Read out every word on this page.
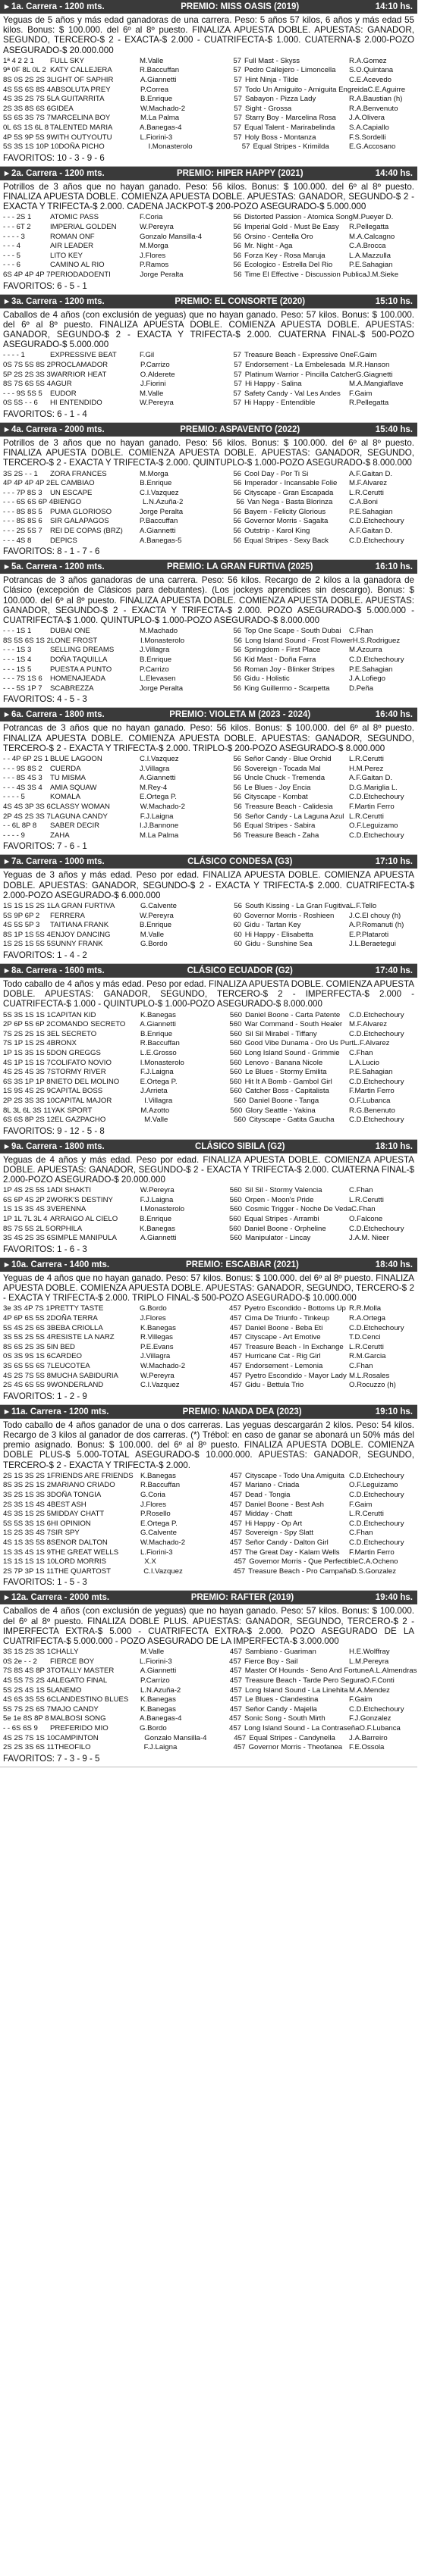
▸ 1a. Carrera - 1200 mts.	PREMIO: MISS OASIS (2019)	14:10 hs.
Yeguas de 5 años y más edad ganadoras de una carrera. Peso: 5 años 57 kilos, 6 años y más edad 55 kilos. Bonus: $ 100.000. del 6º al 8º puesto. FINALIZA APUESTA DOBLE. APUESTAS: GANADOR, SEGUNDO, TERCERO-$ 2 - EXACTA-$ 2.000 - CUATRIFECTA-$ 1.000. CUATERNA-$ 2.000-POZO ASEGURADO-$ 20.000.000
1ª 4 2 2 1	FULL SKY	M.Valle	57 Full Mast - Skyss	R.A.Gomez
9ª 0F 8L 0L 2 KATY CALLEJERA	R.Baccuffan	57 Pedro Callejero - Limoncella	S.O.Quintana
8S 0S 2S 2S 3 LIGHT OF SAPHIR	A.Giannetti	57 Hint Ninja - Tilde	C.E.Acevedo
4S 5S 6S 8S 4 ABSOLUTA PREY	P.Correa	57 Todo Un Amiguito - Amiguita Engreida C.E.Aguirre
4S 3S 2S 7S 5 LA GUITARRITA	B.Enrique	57 Sabayon - Pizza Lady	R.A.Baustian (h)
2S 3S 8S 6S 6 GIDEA	W.Machado-2	57 Sight - Grossa	R.A.Benvenuto
5S 6S 3S 7S 7 MARCELINA BOY	M.La Palma	57 Starry Boy - Marcelina Rosa	J.A.Olivera
0L 6S 1S 6L 8 TALENTED MARIA	A.Banegas-4	57 Equal Talent - Marirabelinda	S.A.Capiallo
4P 5S 9P 5S 9 WITH OUTYOUTU	L.Fiorini-3	57 Holy Boss - Montanza	F.S.Sordelli
5S 3S 1S 10P 10 DOÑA PICHO	I.Monasterolo	57 Equal Stripes - Krimilda	E.G.Accosano
FAVORITOS: 10 - 3 - 9 - 6
▸ 2a. Carrera - 1200 mts.	PREMIO: HIPER HAPPY (2021)	14:40 hs.
Potrillos de 3 años que no hayan ganado. Peso: 56 kilos. Bonus: $ 100.000. del 6º al 8º puesto. FINALIZA APUESTA DOBLE. COMIENZA APUESTA DOBLE. APUESTAS: GANADOR, SEGUNDO-$ 2 - EXACTA Y TRIFECTA-$ 2.000. CADENA JACKPOT-$ 200-POZO ASEGURADO-$ 5.000.000
- - - 2S 1	ATOMIC PASS	F.Coria	56 Distorted Passion - Atomica Song M.Pueyer D.
- - - 6T 2	IMPERIAL GOLDEN	W.Pereyra	56 Imperial Gold - Must Be Easy	R.Pellegatta
- - - - 3	ROMAN ONF	Gonzalo Mansilla-4	56 Orsino - Centella Oro	M.A.Calcagno
- - - 4	AIR LEADER	M.Morga	56 Mr. Night - Aga	C.A.Brocca
- - - 5	LITO KEY	J.Flores	56 Forza Key - Rosa Maruja	L.A.Mazzulla
- - - 6	CAMINO AL RIO	P.Ramos	56 Ecologico - Estrella Del Rio	P.E.Sahagian
6S 4P 4P 4P 7 PERIODADOENTI	Jorge Peralta	56 Time El Effective - Discussion Publica J.M.Sieke
FAVORITOS: 6 - 5 - 1
▸ 3a. Carrera - 1200 mts.	PREMIO: EL CONSORTE (2020)	15:10 hs.
Caballos de 4 años (con exclusión de yeguas) que no hayan ganado. Peso: 57 kilos. Bonus: $ 100.000. del 6º al 8º puesto. FINALIZA APUESTA DOBLE. COMIENZA APUESTA DOBLE. APUESTAS: GANADOR, SEGUNDO-$ 2 - EXACTA Y TRIFECTA-$ 2.000. CUATERNA FINAL-$ 500-POZO ASEGURADO-$ 5.000.000
- - - - 1	EXPRESSIVE BEAT	F.Gil	57 Treasure Beach - Expressive One F.Gaim
0S 7S 5S 8S 2 PROCLAMADOR	P.Carrizo	57 Endorsement - La Embelesada M.R.Hanson
5P 2S 2S 3S 3 WARRIOR HEAT	O.Alderete	57 Platinum Warrior - Pincilla Catcher G.Giagnetti
8S 7S 6S 5S 4 AGUR	J.Fiorini	57 Hi Happy - Salina	M.A.Mangiaflave
- - - 9S 5S 5	EUDOR	M.Valle	57 Safety Candy - Val Les Andes	F.Gaim
0S 5S - - 6	HI ENTENDIDO	W.Pereyra	57 Hi Happy - Entendible	R.Pellegatta
FAVORITOS: 6 - 1 - 4
▸ 4a. Carrera - 2000 mts.	PREMIO: ASPAVENTO (2022)	15:40 hs.
Potrillos de 3 años que no hayan ganado. Peso: 56 kilos. Bonus: $ 100.000. del 6º al 8º puesto. FINALIZA APUESTA DOBLE. COMIENZA APUESTA DOBLE. APUESTAS: GANADOR, SEGUNDO, TERCERO-$ 2 - EXACTA Y TRIFECTA-$ 2.000. QUINTUPLO-$ 1.000-POZO ASEGURADO-$ 8.000.000
3S 2S - - 1	ZORA FRANCES	M.Morga	56 Cool Day - Por Ti Si	A.F.Gaitan D.
4P 4P 4P 4P 2 EL CAMBIAO	B.Enrique	56 Imperador - Incansable Folie	M.F.Alvarez
- - - 7P 8S 3	UN ESCAPE	C.I.Vazquez	56 Cityscape - Gran Escapada	L.R.Cerutti
- - - 6S 6S 6P 4 BIENGO	L.N.Azuña-2	56 Van Nega - Basta Blorinza	C.A.Boni
- - - 8S 8S 5	PUMA GLORIOSO	Jorge Peralta	56 Bayern - Felicity Glorious	P.E.Sahagian
- - - 8S 8S 6	SIR GALAPAGOS	P.Baccuffan	56 Governor Morris - Sagalta	C.D.Etchechoury
- - - 2S 5S 7	REI DE COPAS (BRZ)	A.Giannetti	56 Outstrip - Karol King	A.F.Gaitan D.
- - - 4S 8	DEPICS	A.Banegas-5	56 Equal Stripes - Sexy Back	C.D.Etchechoury
FAVORITOS: 8 - 1 - 7 - 6
▸ 5a. Carrera - 1200 mts.	PREMIO: LA GRAN FURTIVA (2025)	16:10 hs.
Potrancas de 3 años ganadoras de una carrera. Peso: 56 kilos. Recargo de 2 kilos a la ganadora de Clásico (excepción de Clásicos para debutantes). (Los jockeys aprendices sin descargo). Bonus: $ 100.000. del 6º al 8º puesto. FINALIZA APUESTA DOBLE. COMIENZA APUESTA DOBLE. APUESTAS: GANADOR, SEGUNDO-$ 2 - EXACTA Y TRIFECTA-$ 2.000. POZO ASEGURADO-$ 5.000.000 - CUATRIFECTA-$ 1.000. QUINTUPLO-$ 1.000-POZO ASEGURADO-$ 8.000.000
- - - 1S 1	DUBAI ONE	M.Machado	56 Top One Scape - South Dubai	C.Fhan
8S 5S 6S 1S 2 LONE FROST	I.Monasterolo	56 Long Island Sound - Frost Flower H.S.Rodriguez
- - - 1S 3	SELLING DREAMS	J.Villagra	56 Springdom - First Place	M.Azcurra
- - - 1S 4	DOÑA TAQUILLA	B.Enrique	56 Kid Mast - Doña Farra	C.D.Etchechoury
- - - 1S 5	PUESTA A PUNTO	P.Carrizo	56 Roman Joy - Blinker Stripes	P.E.Sahagian
- - - 7S 1S 6	HOMENAJEADA	L.Elevasen	56 Gidu - Holistic	J.A.Lofiego
- - - 5S 1P 7	SCABREZZA	Jorge Peralta	56 King Guillermo - Scarpetta	D.Peña
FAVORITOS: 4 - 5 - 3
▸ 6a. Carrera - 1800 mts.	PREMIO: VIOLETA M (2023 - 2024)	16:40 hs.
Potrancas de 3 años que no hayan ganado. Peso: 56 kilos. Bonus: $ 100.000. del 6º al 8º puesto. FINALIZA APUESTA DOBLE. COMIENZA APUESTA DOBLE. APUESTAS: GANADOR, SEGUNDO, TERCERO-$ 2 - EXACTA Y TRIFECTA-$ 2.000. TRIPLO-$ 200-POZO ASEGURADO-$ 8.000.000
- - 4P 6P 2S 1 BLUE LAGOON	C.I.Vazquez	56 Señor Candy - Blue Orchid	L.R.Cerutti
- - - 9S 8S 2	CUERDA	J.Villagra	56 Sovereign - Tocada Mal	H.M.Perez
- - - 8S 4S 3	TU MISMA	A.Giannetti	56 Uncle Chuck - Tremenda	A.F.Gaitan D.
- - - 4S 3S 4	AMIA SQUAW	M.Rey-4	56 Le Blues - Joy Encia	D.G.Mariglia L.
- - - - 5	KOMALA	E.Ortega P.	56 Cityscape - Kombat	C.D.Etchechoury
4S 4S 3P 3S 6 CLASSY WOMAN	W.Machado-2	56 Treasure Beach - Calidesia	F.Martin Ferro
2P 4S 2S 3S 7 LAGUNA CANDY	F.J.Laigna	56 Señor Candy - La Laguna Azul L.R.Cerutti
- - 6L 8P 8	SABER DECIR	I.J.Bannone	56 Equal Stripes - Sabira	O.F.Leguizamo
- - - - 9	ZAHA	M.La Palma	56 Treasure Beach - Zaha	C.D.Etchechoury
FAVORITOS: 7 - 6 - 1
▸ 7a. Carrera - 1000 mts.	CLÁSICO CONDESA (G3)	17:10 hs.
Yeguas de 3 años y más edad. Peso por edad. FINALIZA APUESTA DOBLE. COMIENZA APUESTA DOBLE. APUESTAS: GANADOR, SEGUNDO-$ 2 - EXACTA Y TRIFECTA-$ 2.000. CUATRIFECTA-$ 2.000-POZO ASEGURADO-$ 6.000.000
1S 1S 1S 2S 1 LA GRAN FURTIVA	G.Calvente	56 South Kissing - La Gran Fugitiva L.F.Tello
5S 9P 6P 2	FERRERA	W.Pereyra	60 Governor Morris - Roshieen	J.C.El chouy (h)
4S 5S 5P 3	TAITIANA FRANK	B.Enrique	60 Gidu - Tartan Key	A.P.Romanuti (h)
8S 1P 1S 5S 4 ENJOY DANCING	M.Valle	60 Hi Happy - Elisabetta	E.P.Plataroti
1S 2S 1S 5S 5 SUNNY FRANK	G.Bordo	60 Gidu - Sunshine Sea	J.L.Beraetegui
FAVORITOS: 1 - 4 - 2
▸ 8a. Carrera - 1600 mts.	CLÁSICO ECUADOR (G2)	17:40 hs.
Todo caballo de 4 años y más edad. Peso por edad. FINALIZA APUESTA DOBLE. COMIENZA APUESTA DOBLE. APUESTAS: GANADOR, SEGUNDO, TERCERO-$ 2 - IMPERFECTA-$ 2.000 - CUATRIFECTA-$ 1.000 - QUINTUPLO-$ 1.000-POZO ASEGURADO-$ 8.000.000
5S 3S 1S 1S 1 CAPITAN KID	K.Banegas	560 Daniel Boone - Carta Patente	C.D.Etchechoury
2P 6P 5S 6P 2 COMANDO SECRETO	A.Giannetti	560 War Command - South Healer M.F.Alvarez
7S 2S 2S 1S 3 EL SECRETO	B.Enrique	560 Sil Sil Mirabel - Tiffany	C.D.Etchechoury
7S 1P 1S 2S 4 BRONX	R.Baccuffan	560 Good Vibe Dunama - Oro Us Purt L.F.Alvarez
1P 1S 3S 1S 5 DON GREGGS	L.E.Grosso	560 Long Island Sound - Grimmie	C.Fhan
4S 1P 1S 1S 7 COLIFATO NOVIO	I.Monasterolo	560 Lenovo - Banana Nicole	L.A.Lucio
4S 2S 4S 3S 7 STORMY RIVER	F.J.Laigna	560 Le Blues - Stormy Emilita	P.E.Sahagian
6S 3S 1P 1P 8 NIETO DEL MOLINO	E.Ortega P.	560 Hit It A Bomb - Gambol Girl	C.D.Etchechoury
1S 9S 4S 2S 9 CAPITAL BOSS	J.Arrieta	560 Catcher Boss - Capitalista	F.Martin Ferro
2P 2S 3S 3S 10 CAPITAL MAJOR	I.Villagra	560 Daniel Boone - Tanga	O.F.Lubanca
8L 3L 6L 3S 11 YAK SPORT	M.Azotto	560 Glory Seattle - Yakina	R.G.Benenuto
6S 6S 8P 2S 12 EL GAZPACHO	M.Valle	560 Cityscape - Gatita Gaucha	C.D.Etchechoury
FAVORITOS: 9 - 12 - 5 - 8
▸ 9a. Carrera - 1800 mts.	CLÁSICO SIBILA (G2)	18:10 hs.
Yeguas de 4 años y más edad. Peso por edad. FINALIZA APUESTA DOBLE. COMIENZA APUESTA DOBLE. APUESTAS: GANADOR, SEGUNDO-$ 2 - EXACTA Y TRIFECTA-$ 2.000. CUATERNA FINAL-$ 2.000-POZO ASEGURADO-$ 20.000.000
1P 4S 2S 5S 1 ADI SHAKTI	W.Pereyra	560 Sil Sil - Stormy Valencia	C.Fhan
6S 6P 4S 2P 2 WORK'S DESTINY	F.J.Laigna	560 Orpen - Moon's Pride	L.R.Cerutti
1S 1S 3S 4S 3 VERENNA	I.Monasterolo	560 Cosmic Trigger - Noche De Veda C.Fhan
1P 1L 7L 3L 4 ARRAIGO AL CIELO	B.Enrique	560 Equal Stripes - Arrambi	O.Falcone
8S 7S 5S 2L 5 ORPHILA	K.Banegas	560 Daniel Boone - Orpheline	C.D.Etchechoury
3S 4S 2S 3S 6 SIMPLE MANIPULA	A.Giannetti	560 Manipulator - Lincay	J.A.M. Nieer
FAVORITOS: 1 - 6 - 3
▸ 10a. Carrera - 1400 mts.	PREMIO: ESCABIAR (2021)	18:40 hs.
Yeguas de 4 años que no hayan ganado. Peso: 57 kilos. Bonus: $ 100.000. del 6º al 8º puesto. FINALIZA APUESTA DOBLE. COMIENZA APUESTA DOBLE. APUESTAS: GANADOR, SEGUNDO, TERCERO-$ 2 - EXACTA Y TRIFECTA-$ 2.000. TRIPLO FINAL-$ 500-POZO ASEGURADO-$ 10.000.000
3e 3S 4P 7S 1 PRETTY TASTE	G.Bordo	457 Pyetro Escondido - Bottoms Up R.R.Molla
4P 6P 6S 5S 2 DOÑA TERRA	J.Flores	457 Cima De Triunfo - Tinkeup	R.A.Ortega
5S 4S 2S 6S 3 BEBA CRIOLLA	K.Banegas	457 Daniel Boone - Beba Eti	C.D.Etchechoury
3S 5S 2S 5S 4 RESISTE LA NARZ	R.Villegas	457 Cityscape - Art Emotive	T.D.Cenci
8S 6S 2S 3S 5 IN BED	P.E.Evans	457 Treasure Beach - In Exchange L.R.Cerutti
0S 3S 9S 1S 6 CARDEO	J.Villagra	457 Hurricane Cat - Rig Girl	R.M.Garcia
3S 6S 5S 6S 7 LEUCOTEA	W.Machado-2	457 Endorsement - Lemonia	C.Fhan
4S 2S 7S 5S 8 MUCHA SABIDURIA	W.Pereyra	457 Pyetro Escondido - Mayor Lady M.L.Rosales
2S 4S 6S 5S 9 WONDERLAND	C.I.Vazquez	457 Gidu - Bettula Trio	O.Rocuzzo (h)
FAVORITOS: 1 - 2 - 9
▸ 11a. Carrera - 1200 mts.	PREMIO: NANDA DEA (2023)	19:10 hs.
Todo caballo de 4 años ganador de una o dos carreras. Las yeguas descargarán 2 kilos. Peso: 54 kilos. Recargo de 3 kilos al ganador de dos carreras. (*) Trébol: en caso de ganar se abonará un 50% más del premio asignado. Bonus: $ 100.000. del 6º al 8º puesto. FINALIZA APUESTA DOBLE. COMIENZA DOBLE PLUS-$ 5.000-TOTAL ASEGURADO-$ 10.000.000. APUESTAS: GANADOR, SEGUNDO, TERCERO-$ 2 - EXACTA Y TRIFECTA-$ 2.000.
2S 1S 3S 2S 1 FRIENDS ARE FRIENDS K.Banegas	457 Cityscape - Todo Una Amiguita C.D.Etchechoury
8S 3S 2S 1S 2 MARIANO CRIADO	R.Baccuffan	457 Mariano - Criada	O.F.Leguizamo
3S 2S 1S 3S 3 DOÑA TONGIA	G.Coria	457 Dead - Tongia	C.D.Etchechoury
2S 3S 1S 4S 4 BEST ASH	J.Flores	457 Daniel Boone - Best Ash	F.Gaim
4S 3S 1S 2S 5 MIDDAY CHATT	P.Rosello	457 Midday - Chatt	L.R.Cerutti
5S 5S 3S 1S 6 HI OPINION	E.Ortega P.	457 Hi Happy - Op Art	C.D.Etchechoury
1S 2S 3S 4S 7 SIR SPY	G.Calvente	457 Sovereign - Spy Slatt	C.Fhan
4S 1S 3S 5S 8 SENOR DALTON	W.Machado-2	457 Señor Candy - Dalton Girl	C.D.Etchechoury
1S 3S 4S 1S 9 THE GREAT WELLS	L.Fiorini-3	457 The Great Day - Kalam Wells	F.Martin Ferro
1S 1S 1S 1S 10 LORD MORRIS	X.X	457 Governor Morris - Que Perfectible C.A.Ocheno
2S 7P 3P 1S 11 THE QUARTOST	C.I.Vazquez	457 Treasure Beach - Pro Campaña D.S.Gonzalez
FAVORITOS: 1 - 5 - 3
▸ 12a. Carrera - 2000 mts.	PREMIO: RAFTER (2019)	19:40 hs.
Caballos de 4 años (con exclusión de yeguas) que no hayan ganado. Peso: 57 kilos. Bonus: $ 100.000. del 6º al 8º puesto. FINALIZA DOBLE PLUS. APUESTAS: GANADOR, SEGUNDO, TERCERO-$ 2 - IMPERFECTA EXTRA-$ 5.000 - CUATRIFECTA EXTRA-$ 2.000. POZO ASEGURADO DE LA CUATRIFECTA-$ 5.000.000 - POZO ASEGURADO DE LA IMPERFECTA-$ 3.000.000
3S 1S 2S 3S 1 CHALLY	M.Valle	457 Sambiano - Guariman	H.E.Wolffray
0S 2e - - 2	FIERCE BOY	L.Fiorini-3	457 Fierce Boy - Sail	L.M.Pereyra
7S 8S 4S 8P 3 TOTALLY MASTER	A.Giannetti	457 Master Of Hounds - Seno And Fortune A.L.Almendras
4S 5S 7S 2S 4 ALEGATO FINAL	P.Carrizo	457 Treasure Beach - Tarde Pero Segura O.F.Conti
5S 2S 4S 1S 5 LANEMO	L.N.Azuña-2	457 Long Island Sound - La Linehita M.A.Mendez
4S 6S 3S 5S 6 CLANDESTINO BLUES	K.Banegas	457 Le Blues - Clandestina	F.Gaim
5S 7S 2S 6S 7 MAJO CANDY	K.Banegas	457 Señor Candy - Majella	C.D.Etchechoury
5e 1e 8S 8P 8 MALBOSI SONG	A.Banegas-4	457 Sonic Song - South Mirth	F.J.Gonzalez
- - 6S 6S 9	PREFERIDO MIO	G.Bordo	457 Long Island Sound - La Contraseña O.F.Lubanca
4S 2S 7S 1S 10 CAMPINTON	Gonzalo Mansilla-4	457 Equal Stripes - Candynella	J.A.Barreiro
2S 2S 3S 6S 11 THEOFILO	F.J.Laigna	457 Governor Morris - Theofanea F.E.Ossola
FAVORITOS: 7 - 3 - 9 - 5
